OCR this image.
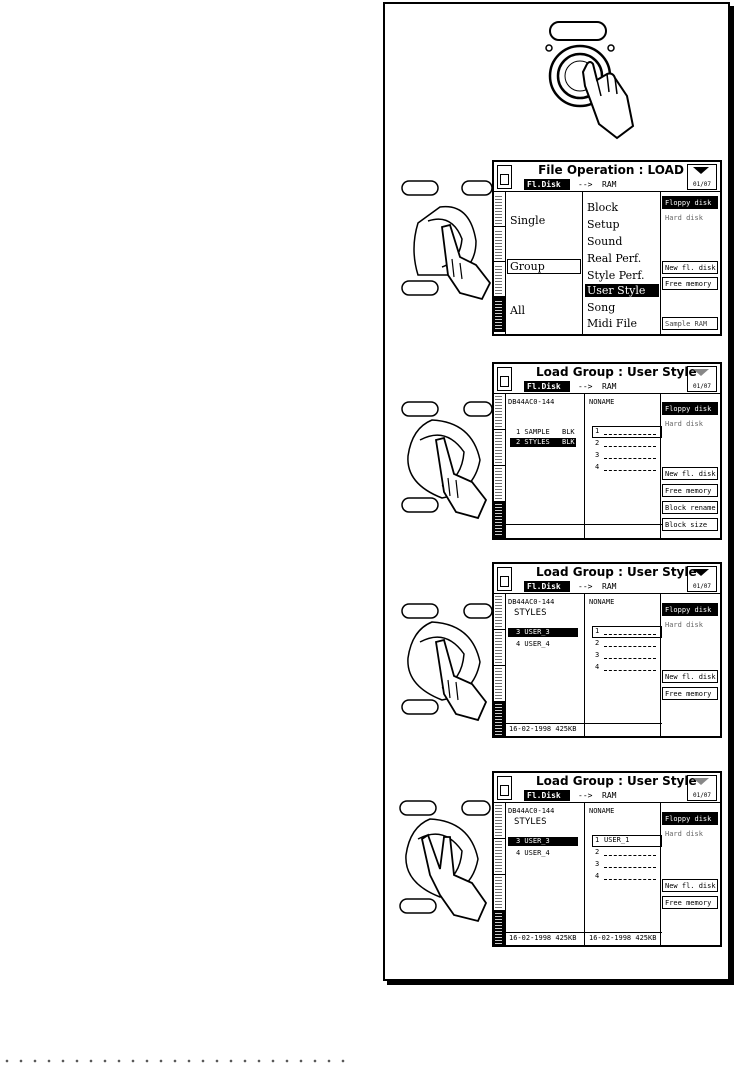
File Operation : LOAD
Fl.Disk	--> RAM	01/07
Single
Group
All
Block
Setup
Sound
Real Perf.
Style Perf.
User Style
Song
Midi File
Floppy disk
Hard disk
New fl. disk
Free memory
Sample RAM
Load Group : User Style
Fl.Disk	--> RAM	01/07
DB44AC0-144
1 SAMPLE BLK
2 STYLES BLK
NONAME
1
2
3
4
Floppy disk
Hard disk
New fl. disk
Free memory
Block rename
Block size
Load Group : User Style
Fl.Disk	--> RAM	01/07
DB44AC0-144
STYLES
3 USER_3
4 USER_4
NONAME
1
2
3
4
16-02-1998 425KB
Floppy disk
Hard disk
New fl. disk
Free memory
Load Group : User Style
Fl.Disk	--> RAM	01/07
DB44AC0-144
STYLES
3 USER_3
4 USER_4
NONAME
1 USER_1
2
3
4
16-02-1998 425KB 16-02-1998 425KB
Floppy disk
Hard disk
New fl. disk
Free memory
